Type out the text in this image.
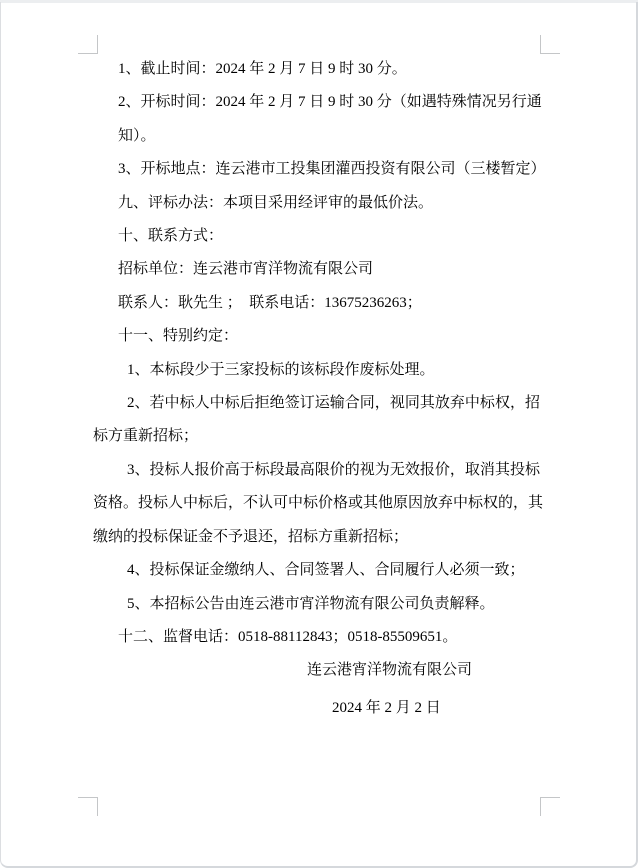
1、截止时间：2024 年 2 月 7 日 9 时 30 分。
2、开标时间：2024 年 2 月 7 日 9 时 30 分（如遇特殊情况另行通
知）。
3、开标地点：连云港市工投集团灌西投资有限公司（三楼暂定）
九、评标办法：本项目采用经评审的最低价法。
十、联系方式：
招标单位：连云港市宵洋物流有限公司
联系人：耿先生 ；　联系电话：13675236263；
十一、特别约定：
1、本标段少于三家投标的该标段作废标处理。
2、若中标人中标后拒绝签订运输合同，视同其放弃中标权，招
标方重新招标；
3、投标人报价高于标段最高限价的视为无效报价，取消其投标
资格。投标人中标后，不认可中标价格或其他原因放弃中标权的，其
缴纳的投标保证金不予退还，招标方重新招标；
4、投标保证金缴纳人、合同签署人、合同履行人必须一致；
5、本招标公告由连云港市宵洋物流有限公司负责解释。
十二、监督电话：0518-88112843；0518-85509651。
连云港宵洋物流有限公司
2024 年 2 月 2 日
